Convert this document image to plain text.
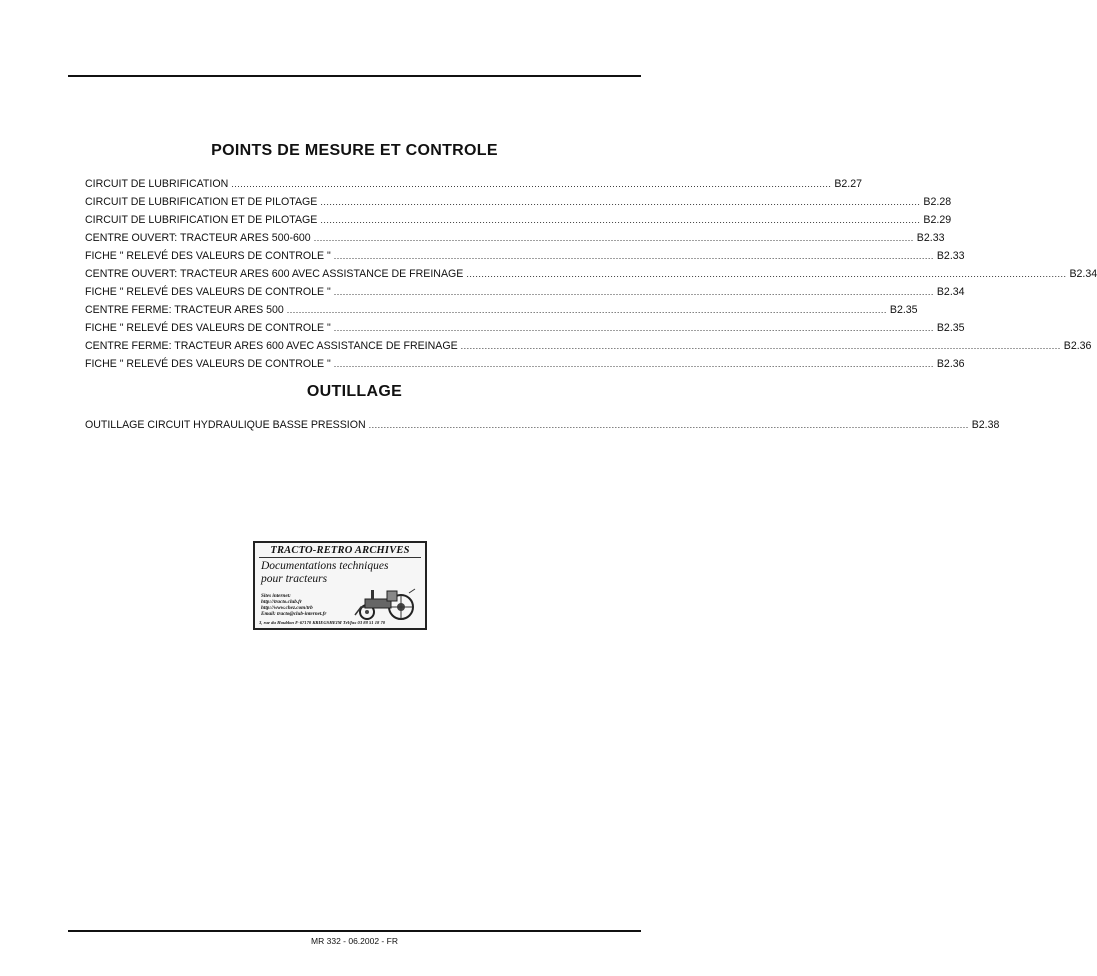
POINTS DE MESURE ET CONTROLE
CIRCUIT DE LUBRIFICATION ........................................................................................................................................................................................................ B2.27
CIRCUIT DE LUBRIFICATION ET DE PILOTAGE ........................................................................................................................................................................................................ B2.28
CIRCUIT DE LUBRIFICATION ET DE PILOTAGE ........................................................................................................................................................................................................ B2.29
CENTRE OUVERT: TRACTEUR ARES 500-600 ........................................................................................................................................................................................................ B2.33
FICHE " RELEVÉ DES VALEURS DE CONTROLE " ........................................................................................................................................................................................................ B2.33
CENTRE OUVERT: TRACTEUR ARES 600 AVEC ASSISTANCE DE FREINAGE ........................................................................................................................................................................................................ B2.34
FICHE " RELEVÉ DES VALEURS DE CONTROLE " ........................................................................................................................................................................................................ B2.34
CENTRE FERME: TRACTEUR ARES 500 ........................................................................................................................................................................................................ B2.35
FICHE " RELEVÉ DES VALEURS DE CONTROLE " ........................................................................................................................................................................................................ B2.35
CENTRE FERME: TRACTEUR ARES 600 AVEC ASSISTANCE DE FREINAGE ........................................................................................................................................................................................................ B2.36
FICHE " RELEVÉ DES VALEURS DE CONTROLE " ........................................................................................................................................................................................................ B2.36
OUTILLAGE
OUTILLAGE CIRCUIT HYDRAULIQUE BASSE PRESSION ........................................................................................................................................................................................................ B2.38
TRACTO-RETRO ARCHIVES
Documentations techniques
pour tracteurs
Sites internet:
http://tracto.club.fr
http://www.chez.com/trb
Email: tracto@club-internet.fr
3, rue du Houblon F-67170 KRIEGSHEIM Tél/fax 03 88 51 18 70
MR 332 - 06.2002 - FR
